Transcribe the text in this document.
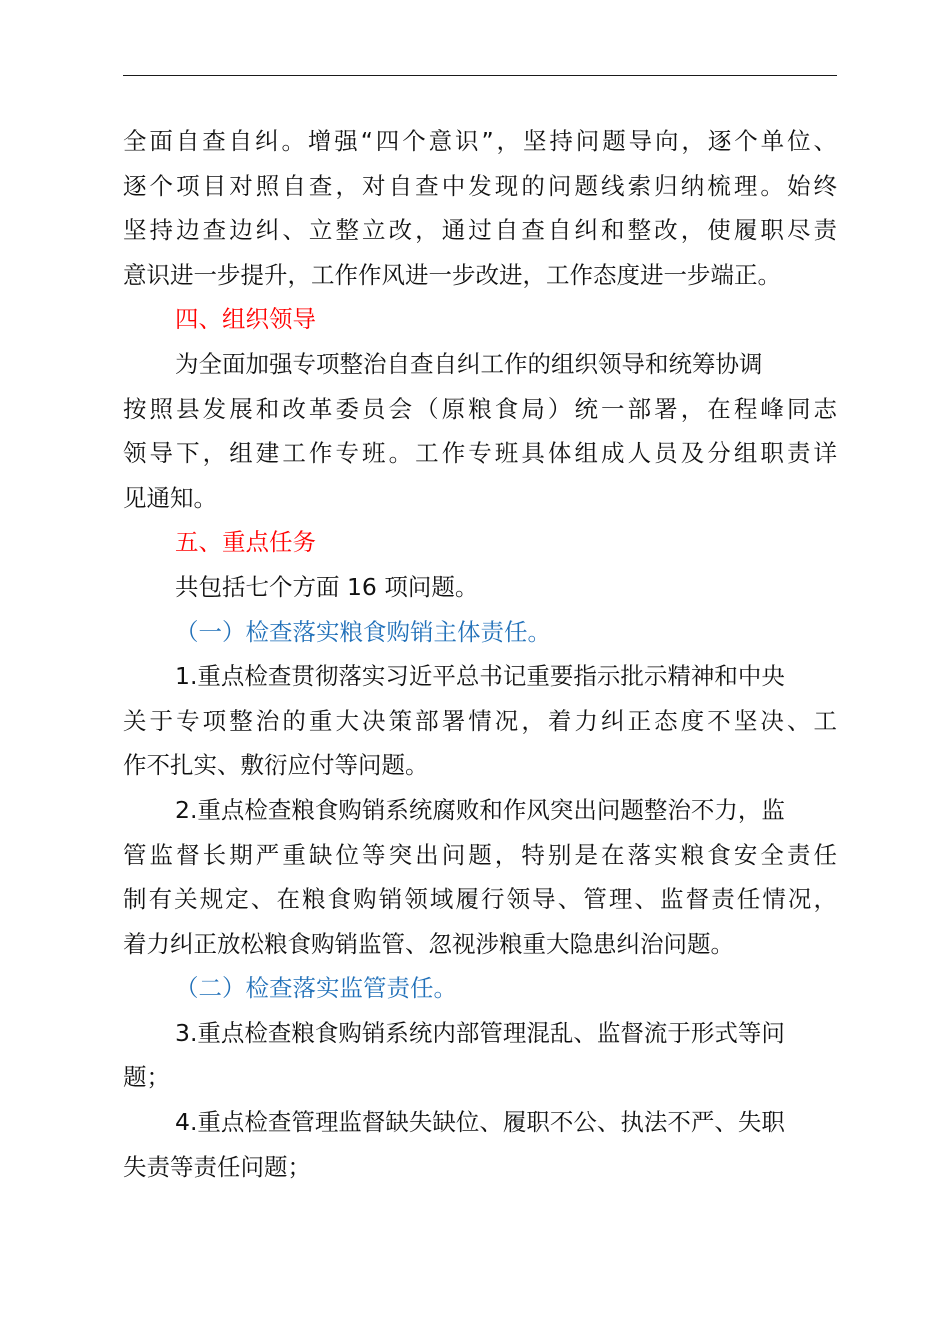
全面自查自纠。增强“四个意识”，坚持问题导向，逐个单位、
逐个项目对照自查，对自查中发现的问题线索归纳梳理。始终
坚持边查边纠、立整立改，通过自查自纠和整改，使履职尽责
意识进一步提升，工作作风进一步改进，工作态度进一步端正。
四、组织领导
为全面加强专项整治自查自纠工作的组织领导和统筹协调
按照县发展和改革委员会（原粮食局）统一部署，在程峰同志
领导下，组建工作专班。工作专班具体组成人员及分组职责详
见通知。
五、重点任务
共包括七个方面 16 项问题。
（一）检查落实粮食购销主体责任。
1.重点检查贯彻落实习近平总书记重要指示批示精神和中央
关于专项整治的重大决策部署情况，着力纠正态度不坚决、工
作不扎实、敷衍应付等问题。
2.重点检查粮食购销系统腐败和作风突出问题整治不力，监
管监督长期严重缺位等突出问题，特别是在落实粮食安全责任
制有关规定、在粮食购销领域履行领导、管理、监督责任情况，
着力纠正放松粮食购销监管、忽视涉粮重大隐患纠治问题。
（二）检查落实监管责任。
3.重点检查粮食购销系统内部管理混乱、监督流于形式等问
题；
4.重点检查管理监督缺失缺位、履职不公、执法不严、失职
失责等责任问题；
